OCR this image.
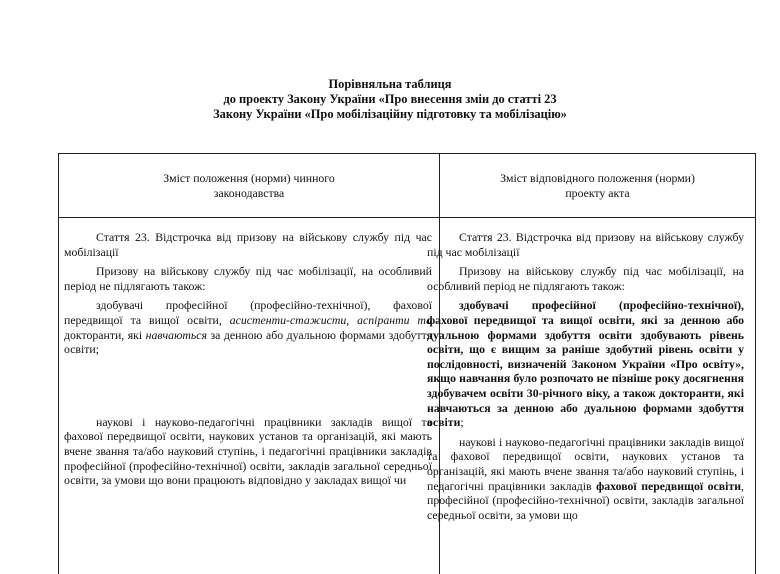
Порівняльна таблиця
до проекту Закону України «Про внесення змін до статті 23
Закону України «Про мобілізаційну підготовку та мобілізацію»
Зміст положення (норми) чинного законодавства
Зміст відповідного положення (норми) проекту акта

Стаття 23. Відстрочка від призову на військову службу під час мобілізації

Призову на військову службу під час мобілізації, на особливий період не підлягають також:

здобувачі професійної (професійно-технічної), фахової передвищої та вищої освіти, асистенти-стажисти, аспіранти та докторанти, які навчаються за денною або дуальною формами здобуття освіти;

наукові і науково-педагогічні працівники закладів вищої та фахової передвищої освіти, наукових установ та організацій, які мають вчене звання та/або науковий ступінь, і педагогічні працівники закладів професійної (професійно-технічної) освіти, закладів загальної середньої освіти, за умови що вони працюють відповідно у закладах вищої чи

Стаття 23. Відстрочка від призову на військову службу під час мобілізації

Призову на військову службу під час мобілізації, на особливий період не підлягають також:

здобувачі професійної (професійно-технічної), фахової передвищої та вищої освіти, які за денною або дуальною формами здобуття освіти здобувають рівень освіти, що є вищим за раніше здобутий рівень освіти у послідовності, визначеній Законом України «Про освіту», якщо навчання було розпочато не пізніше року досягнення здобувачем освіти 30-річного віку, а також докторанти, які навчаються за денною або дуальною формами здобуття освіти;

наукові і науково-педагогічні працівники закладів вищої та фахової передвищої освіти, наукових установ та організацій, які мають вчене звання та/або науковий ступінь, і педагогічні працівники закладів фахової передвищої освіти, професійної (професійно-технічної) освіти, закладів загальної середньої освіти, за умови що
